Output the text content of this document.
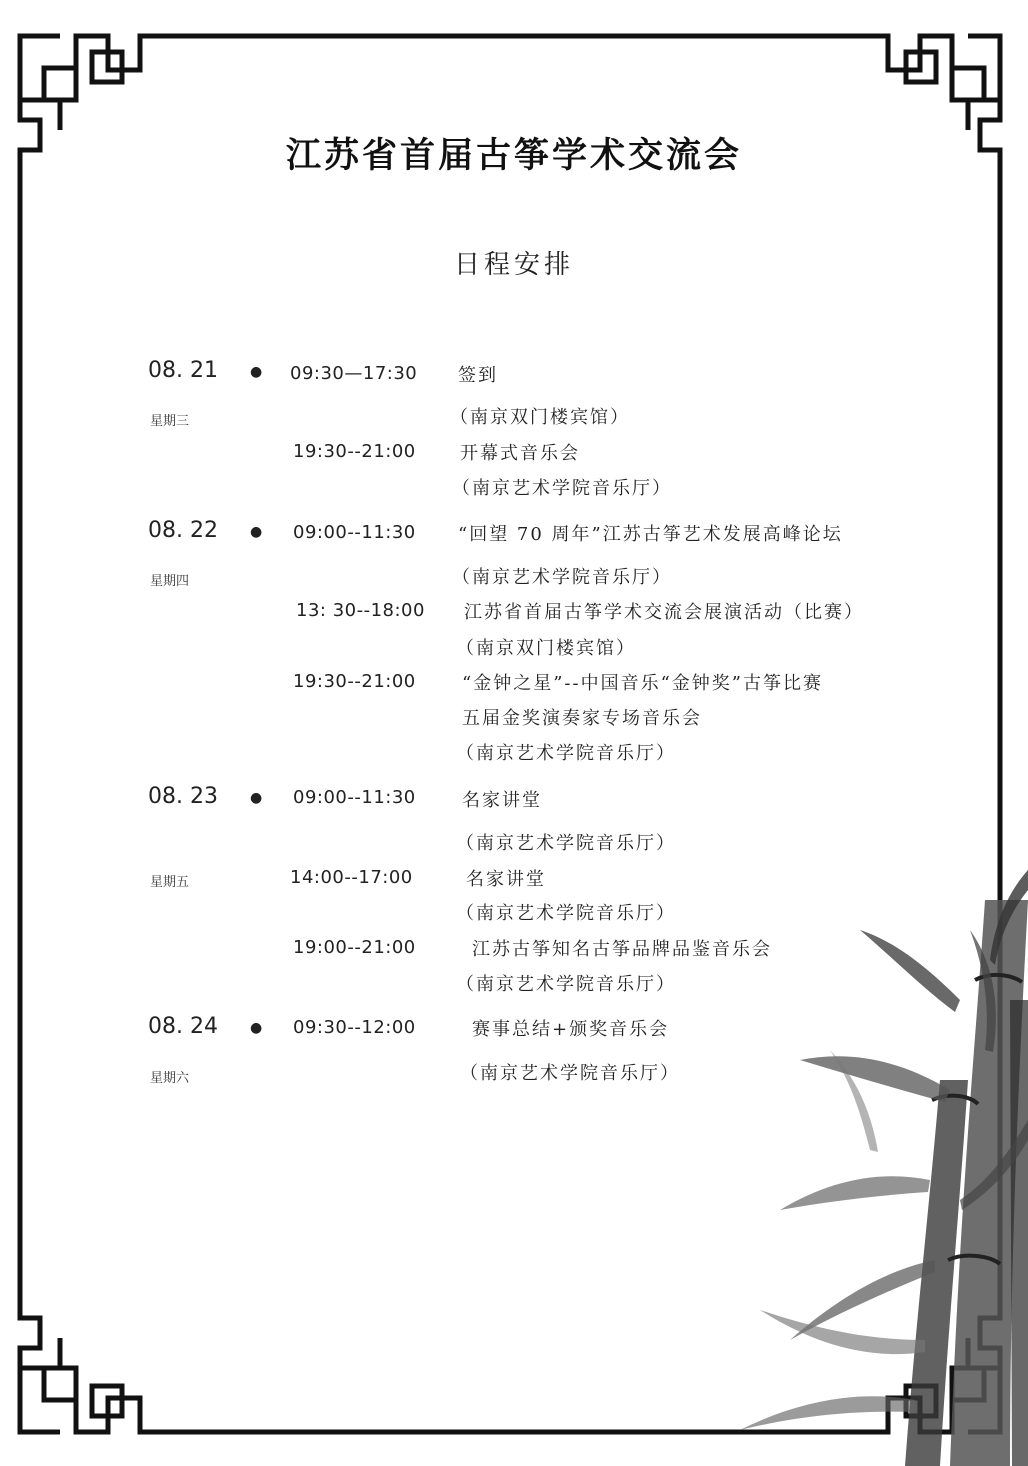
江苏省首届古筝学术交流会
日程安排
08. 21 ●
星期三
09:30—17:30 签到
（南京双门楼宾馆）
19:30--21:00 开幕式音乐会
（南京艺术学院音乐厅）
08. 22 ●
星期四
09:00--11:30 “回望 70 周年”江苏古筝艺术发展高峰论坛
（南京艺术学院音乐厅）
13: 30--18:00 江苏省首届古筝学术交流会展演活动（比赛）
（南京双门楼宾馆）
19:30--21:00	“金钟之星”--中国音乐“金钟奖”古筝比赛
五届金奖演奏家专场音乐会
（南京艺术学院音乐厅）
08. 23 ●
星期五
09:00--11:30	名家讲堂
（南京艺术学院音乐厅）
14:00--17:00	名家讲堂
（南京艺术学院音乐厅）
19:00--21:00	江苏古筝知名古筝品牌品鉴音乐会
（南京艺术学院音乐厅）
08. 24 ●
星期六
09:30--12:00	赛事总结+颁奖音乐会
（南京艺术学院音乐厅）
